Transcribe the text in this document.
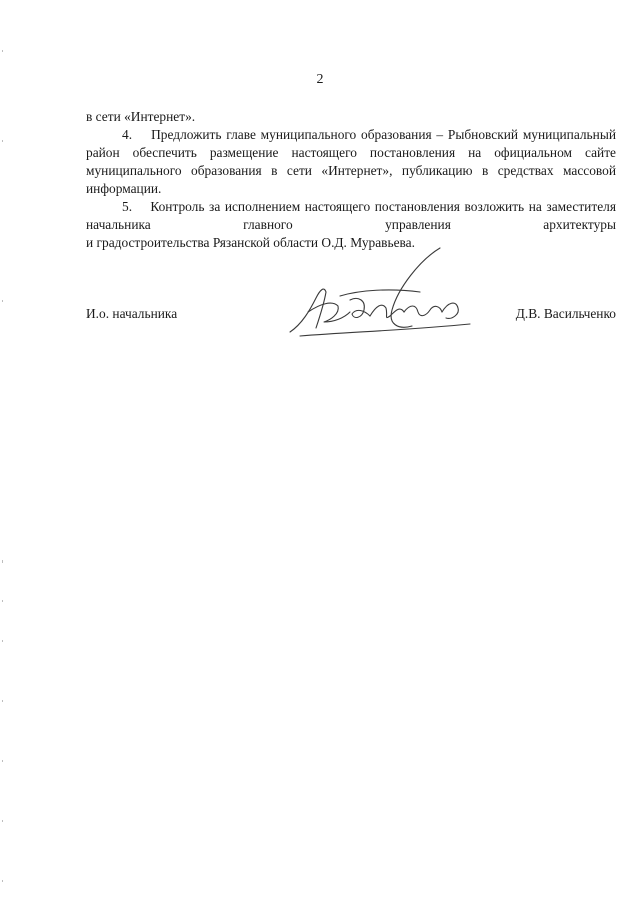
2

в сети «Интернет».

4.    Предложить главе муниципального образования – Рыбновский муниципальный район обеспечить размещение настоящего постановления на официальном сайте муниципального образования в сети «Интернет», публикацию в средствах массовой информации.

5.    Контроль за исполнением настоящего постановления возложить на заместителя начальника главного управления архитектуры

и градостроительства Рязанской области О.Д. Муравьева.

И.о. начальника	Д.В. Васильченко
